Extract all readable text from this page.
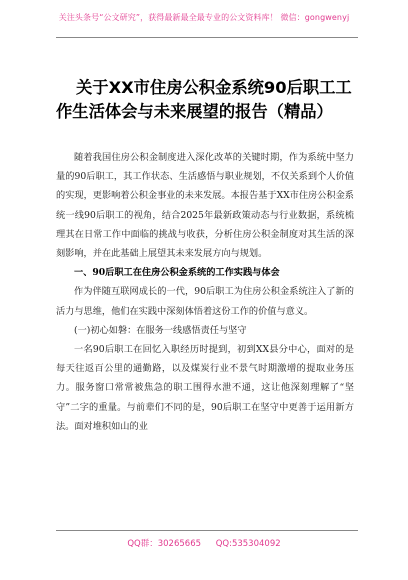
关注头条号“公文研究”，获得最新最全最专业的公文资料库！ 微信：gongwenyj
关于XX市住房公积金系统90后职工工
作生活体会与未来展望的报告（精品）

随着我国住房公积金制度进入深化改革的关键时期，作为系统中坚力量的90后职工，其工作状态、生活感悟与职业规划，不仅关系到个人价值的实现，更影响着公积金事业的未来发展。本报告基于XX市住房公积金系统一线90后职工的视角，结合2025年最新政策动态与行业数据，系统梳理其在日常工作中面临的挑战与收获，分析住房公积金制度对其生活的深刻影响，并在此基础上展望其未来发展方向与规划。

一、90后职工在住房公积金系统的工作实践与体会

作为伴随互联网成长的一代，90后职工为住房公积金系统注入了新的活力与思维，他们在实践中深刻体悟着这份工作的价值与意义。

(一)初心如磐：在服务一线感悟责任与坚守

一名90后职工在回忆入职经历时提到，初到XX县分中心，面对的是每天往返百公里的通勤路，以及煤炭行业不景气时期激增的提取业务压力。服务窗口常常被焦急的职工围得水泄不通，这让他深刻理解了“坚守”二字的重量。与前辈们不同的是，90后职工在坚守中更善于运用新方法。面对堆积如山的业

QQ群：30265665 QQ:535304092
